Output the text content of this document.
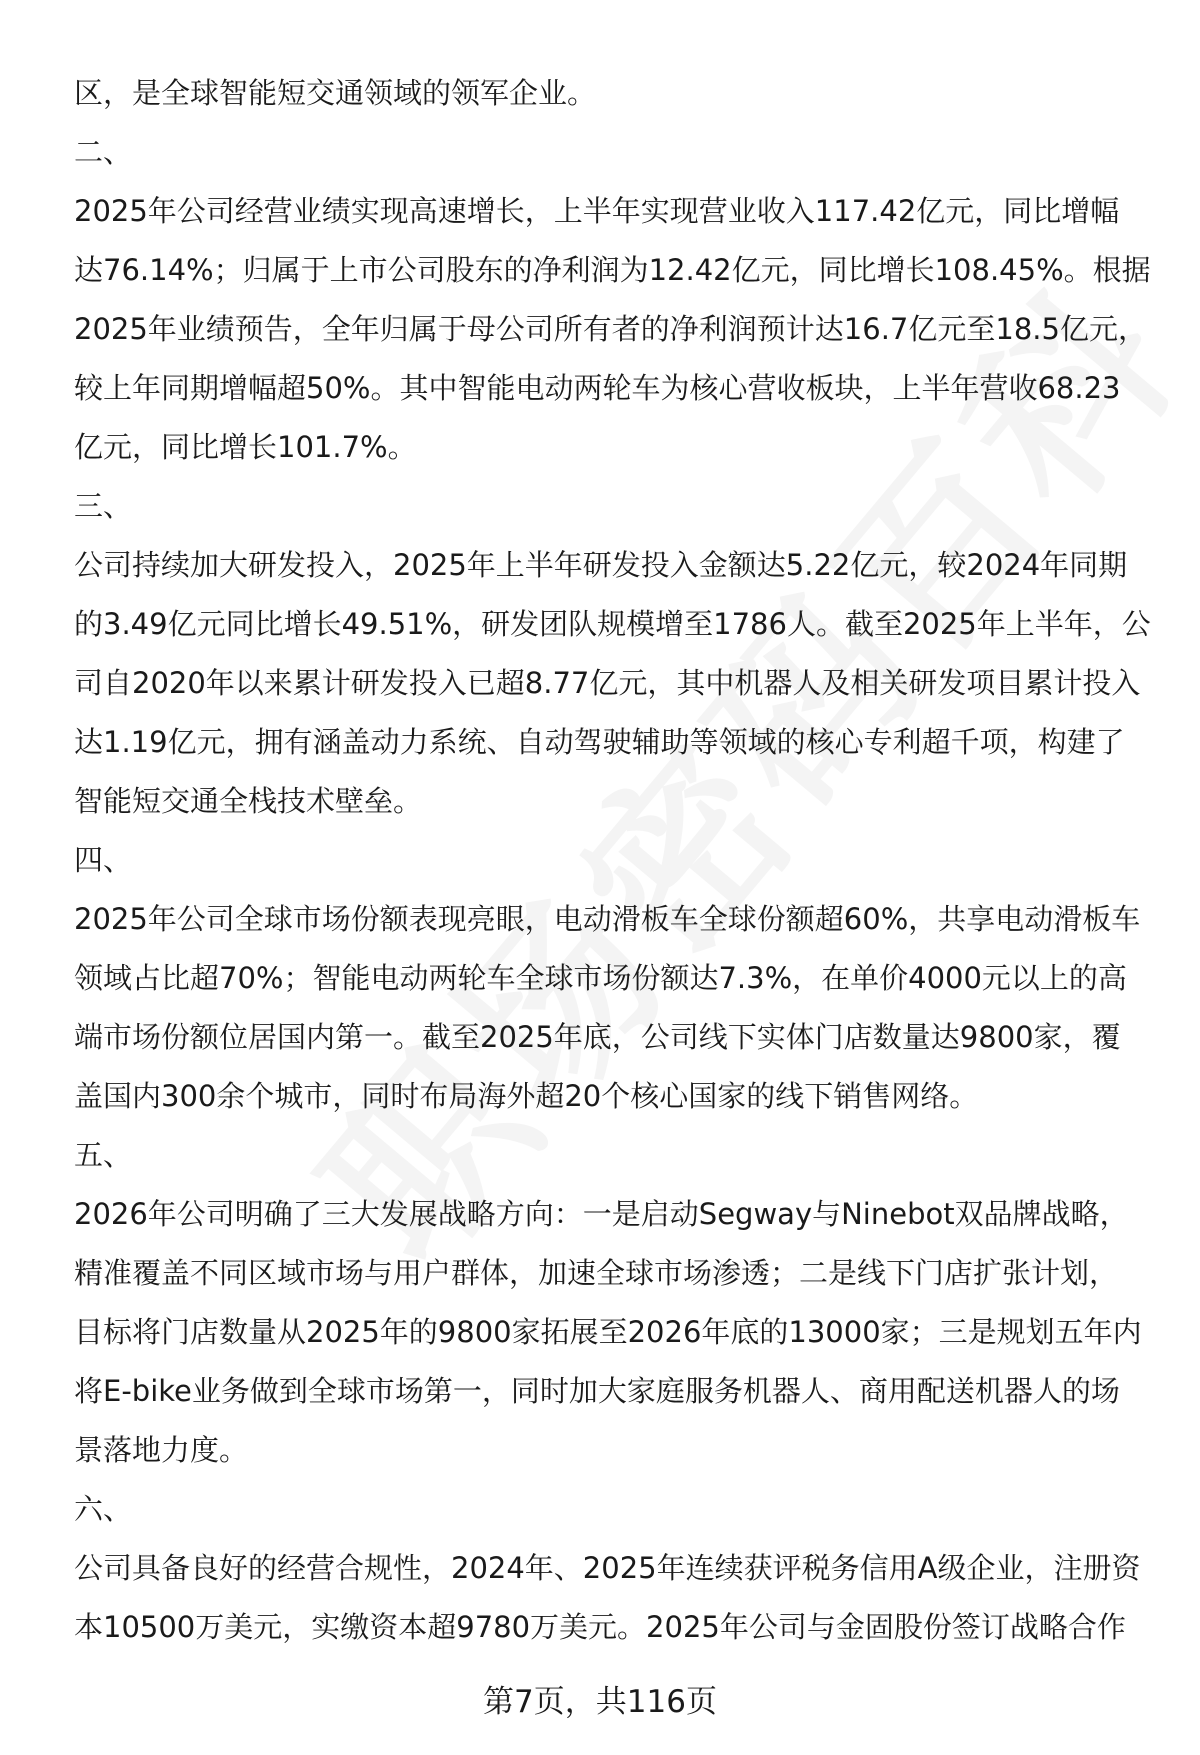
区，是全球智能短交通领域的领军企业。
二、
2025年公司经营业绩实现高速增长，上半年实现营业收入117.42亿元，同比增幅
达76.14%；归属于上市公司股东的净利润为12.42亿元，同比增长108.45%。根据
2025年业绩预告，全年归属于母公司所有者的净利润预计达16.7亿元至18.5亿元，
较上年同期增幅超50%。其中智能电动两轮车为核心营收板块，上半年营收68.23
亿元，同比增长101.7%。
三、
公司持续加大研发投入，2025年上半年研发投入金额达5.22亿元，较2024年同期
的3.49亿元同比增长49.51%，研发团队规模增至1786人。截至2025年上半年，公
司自2020年以来累计研发投入已超8.77亿元，其中机器人及相关研发项目累计投入
达1.19亿元，拥有涵盖动力系统、自动驾驶辅助等领域的核心专利超千项，构建了
智能短交通全栈技术壁垒。
四、
2025年公司全球市场份额表现亮眼，电动滑板车全球份额超60%，共享电动滑板车
领域占比超70%；智能电动两轮车全球市场份额达7.3%，在单价4000元以上的高
端市场份额位居国内第一。截至2025年底，公司线下实体门店数量达9800家，覆
盖国内300余个城市，同时布局海外超20个核心国家的线下销售网络。
五、
2026年公司明确了三大发展战略方向：一是启动Segway与Ninebot双品牌战略，
精准覆盖不同区域市场与用户群体，加速全球市场渗透；二是线下门店扩张计划，
目标将门店数量从2025年的9800家拓展至2026年底的13000家；三是规划五年内
将E-bike业务做到全球市场第一，同时加大家庭服务机器人、商用配送机器人的场
景落地力度。
六、
公司具备良好的经营合规性，2024年、2025年连续获评税务信用A级企业，注册资
本10500万美元，实缴资本超9780万美元。2025年公司与金固股份签订战略合作
第7页，共116页
